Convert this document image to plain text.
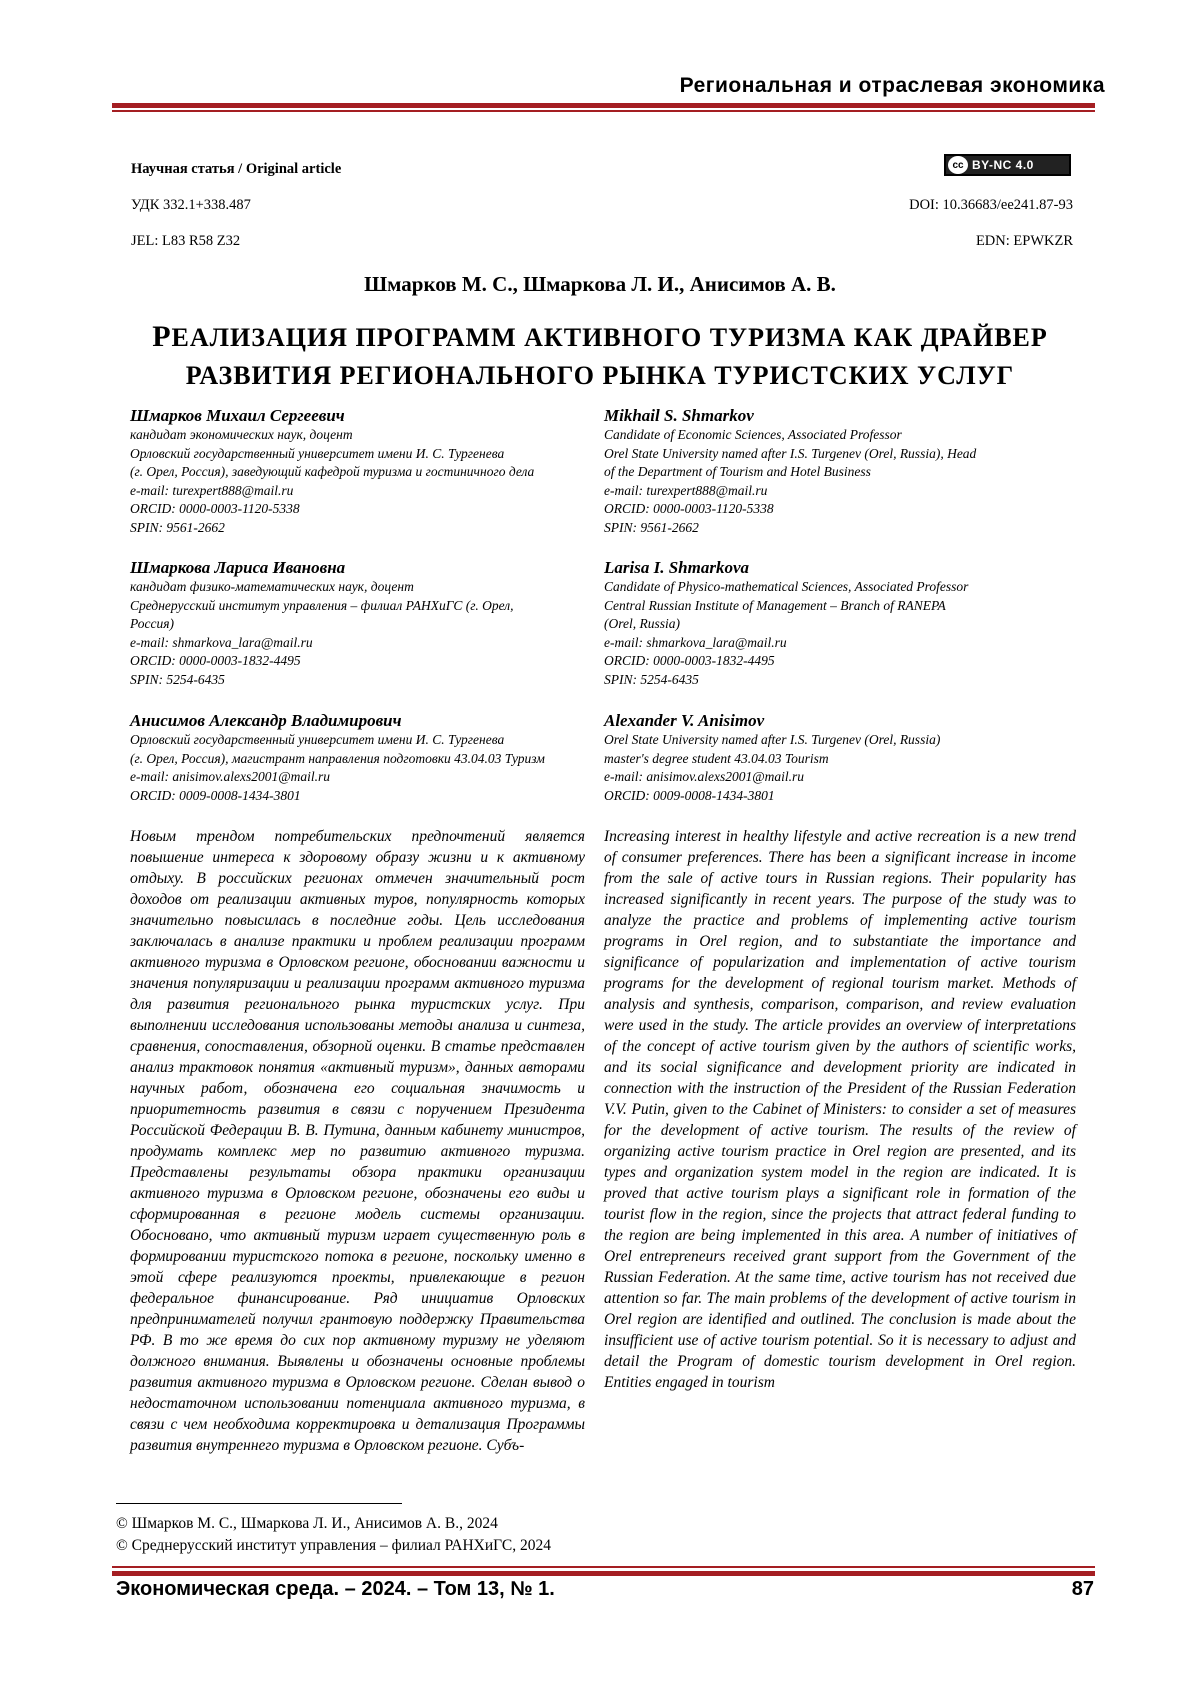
Региональная и отраслевая экономика
Научная статья / Original article	cc BY-NC 4.0
УДК 332.1+338.487	DOI: 10.36683/ee241.87-93
JEL: L83 R58 Z32	EDN: EPWKZR
Шмарков М. С., Шмаркова Л. И., Анисимов А. В.
РЕАЛИЗАЦИЯ ПРОГРАММ АКТИВНОГО ТУРИЗМА КАК ДРАЙВЕР
РАЗВИТИЯ РЕГИОНАЛЬНОГО РЫНКА ТУРИСТСКИХ УСЛУГ
Шмарков Михаил Сергеевич
кандидат экономических наук, доцент
Орловский государственный университет имени И. С. Тургенева
(г. Орел, Россия), заведующий кафедрой туризма и гостиничного дела
e-mail: turexpert888@mail.ru
ORCID: 0000-0003-1120-5338
SPIN: 9561-2662
Шмаркова Лариса Ивановна
кандидат физико-математических наук, доцент
Среднерусский институт управления – филиал РАНХиГС (г. Орел,
Россия)
e-mail: shmarkova_lara@mail.ru
ORCID: 0000-0003-1832-4495
SPIN: 5254-6435
Анисимов Александр Владимирович
Орловский государственный университет имени И. С. Тургенева
(г. Орел, Россия), магистрант направления подготовки 43.04.03 Туризм
e-mail: anisimov.alexs2001@mail.ru
ORCID: 0009-0008-1434-3801
Mikhail S. Shmarkov
Candidate of Economic Sciences, Associated Professor
Orel State University named after I.S. Turgenev (Orel, Russia), Head
of the Department of Tourism and Hotel Business
e-mail: turexpert888@mail.ru
ORCID: 0000-0003-1120-5338
SPIN: 9561-2662
Larisa I. Shmarkova
Candidate of Physico-mathematical Sciences, Associated Professor
Central Russian Institute of Management – Branch of RANEPA
(Orel, Russia)
e-mail: shmarkova_lara@mail.ru
ORCID: 0000-0003-1832-4495
SPIN: 5254-6435
Alexander V. Anisimov
Orel State University named after I.S. Turgenev (Orel, Russia)
master's degree student 43.04.03 Tourism
e-mail: anisimov.alexs2001@mail.ru
ORCID: 0009-0008-1434-3801
Новым трендом потребительских предпочтений является повышение интереса к здоровому образу жизни и к активному отдыху. В российских регионах отмечен значительный рост доходов от реализации активных туров, популярность которых значительно повысилась в последние годы. Цель исследования заключалась в анализе практики и проблем реализации программ активного туризма в Орловском регионе, обосновании важности и значения популяризации и реализации программ активного туризма для развития регионального рынка туристских услуг. При выполнении исследования использованы методы анализа и синтеза, сравнения, сопоставления, обзорной оценки. В статье представлен анализ трактовок понятия «активный туризм», данных авторами научных работ, обозначена его социальная значимость и приоритетность развития в связи с поручением Президента Российской Федерации В. В. Путина, данным кабинету министров, продумать комплекс мер по развитию активного туризма. Представлены результаты обзора практики организации активного туризма в Орловском регионе, обозначены его виды и сформированная в регионе модель системы организации. Обосновано, что активный туризм играет существенную роль в формировании туристского потока в регионе, поскольку именно в этой сфере реализуются проекты, привлекающие в регион федеральное финансирование. Ряд инициатив Орловских предпринимателей получил грантовую поддержку Правительства РФ. В то же время до сих пор активному туризму не уделяют должного внимания. Выявлены и обозначены основные проблемы развития активного туризма в Орловском регионе. Сделан вывод о недостаточном использовании потенциала активного туризма, в связи с чем необходима корректировка и детализация Программы развития внутреннего туризма в Орловском регионе. Субъ-
Increasing interest in healthy lifestyle and active recreation is a new trend of consumer preferences. There has been a significant increase in income from the sale of active tours in Russian regions. Their popularity has increased significantly in recent years. The purpose of the study was to analyze the practice and problems of implementing active tourism programs in Orel region, and to substantiate the importance and significance of popularization and implementation of active tourism programs for the development of regional tourism market. Methods of analysis and synthesis, comparison, comparison, and review evaluation were used in the study. The article provides an overview of interpretations of the concept of active tourism given by the authors of scientific works, and its social significance and development priority are indicated in connection with the instruction of the President of the Russian Federation V.V. Putin, given to the Cabinet of Ministers: to consider a set of measures for the development of active tourism. The results of the review of organizing active tourism practice in Orel region are presented, and its types and organization system model in the region are indicated. It is proved that active tourism plays a significant role in formation of the tourist flow in the region, since the projects that attract federal funding to the region are being implemented in this area. A number of initiatives of Orel entrepreneurs received grant support from the Government of the Russian Federation. At the same time, active tourism has not received due attention so far. The main problems of the development of active tourism in Orel region are identified and outlined. The conclusion is made about the insufficient use of active tourism potential. So it is necessary to adjust and detail the Program of domestic tourism development in Orel region. Entities engaged in tourism
© Шмарков М. С., Шмаркова Л. И., Анисимов А. В., 2024
© Среднерусский институт управления – филиал РАНХиГС, 2024
Экономическая среда. – 2024. – Том 13, № 1.	87
